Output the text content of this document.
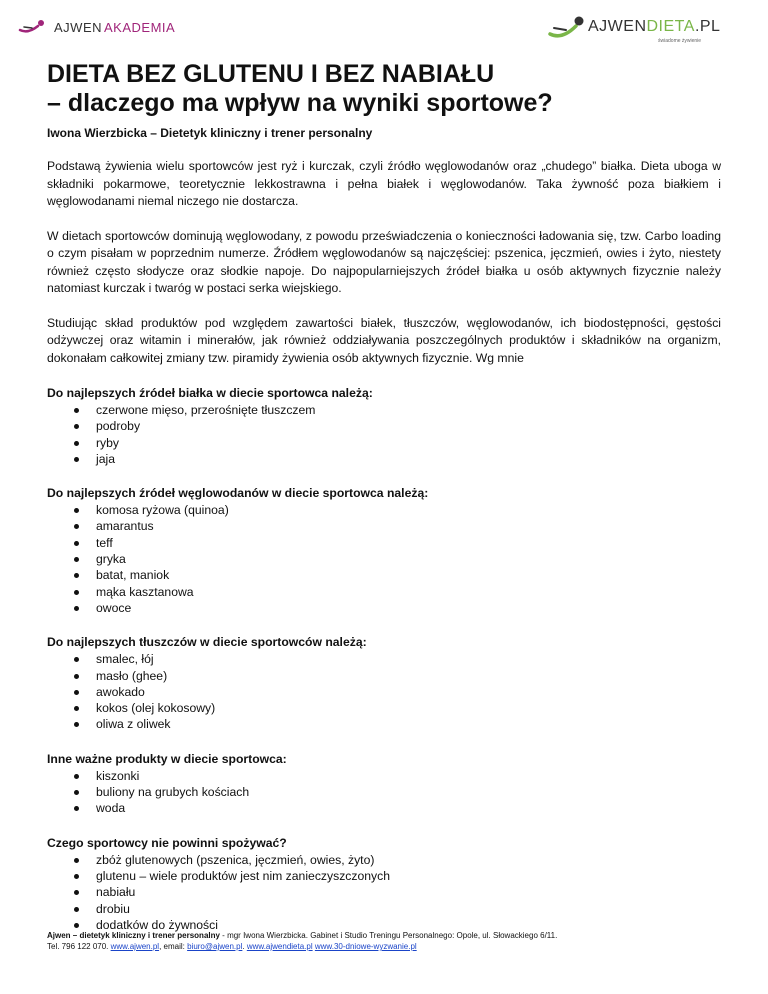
AJWEN AKADEMIA	AJWENDIETA.PL
świadome żywienie
DIETA BEZ GLUTENU I BEZ NABIAŁU
– dlaczego ma wpływ na wyniki sportowe?
Iwona Wierzbicka – Dietetyk kliniczny i trener personalny

Podstawą żywienia wielu sportowców jest ryż i kurczak, czyli źródło węglowodanów oraz „chudego” białka. Dieta uboga w składniki pokarmowe, teoretycznie lekkostrawna i pełna białek i węglowodanów. Taka żywność poza białkiem i węglowodanami niemal niczego nie dostarcza.

W dietach sportowców dominują węglowodany, z powodu przeświadczenia o konieczności ładowania się, tzw. Carbo loading o czym pisałam w poprzednim numerze. Źródłem węglowodanów są najczęściej: pszenica, jęczmień, owies i żyto, niestety również często słodycze oraz słodkie napoje. Do najpopularniejszych źródeł białka u osób aktywnych fizycznie należy natomiast kurczak i twaróg w postaci serka wiejskiego.

Studiując skład produktów pod względem zawartości białek, tłuszczów, węglowodanów, ich biodostępności, gęstości odżywczej oraz witamin i minerałów, jak również oddziaływania poszczególnych produktów i składników na organizm, dokonałam całkowitej zmiany tzw. piramidy żywienia osób aktywnych fizycznie. Wg mnie

Do najlepszych źródeł białka w diecie sportowca należą:
czerwone mięso, przerośnięte tłuszczem
podroby
ryby
jaja
Do najlepszych źródeł węglowodanów w diecie sportowca należą:
komosa ryżowa (quinoa)
amarantus
teff
gryka
batat, maniok
mąka kasztanowa
owoce
Do najlepszych tłuszczów w diecie sportowców należą:
smalec, łój
masło (ghee)
awokado
kokos (olej kokosowy)
oliwa z oliwek
Inne ważne produkty w diecie sportowca:
kiszonki
buliony na grubych kościach
woda
Czego sportowcy nie powinni spożywać?
zbóż glutenowych (pszenica, jęczmień, owies, żyto)
glutenu – wiele produktów jest nim zanieczyszczonych
nabiału
drobiu
dodatków do żywności
Ajwen – dietetyk kliniczny i trener personalny - mgr Iwona Wierzbicka. Gabinet i Studio Treningu Personalnego: Opole, ul. Słowackiego 6/11.
Tel. 796 122 070. www.ajwen.pl, email: biuro@ajwen.pl. www.ajwendieta.pl www.30-dniowe-wyzwanie.pl
